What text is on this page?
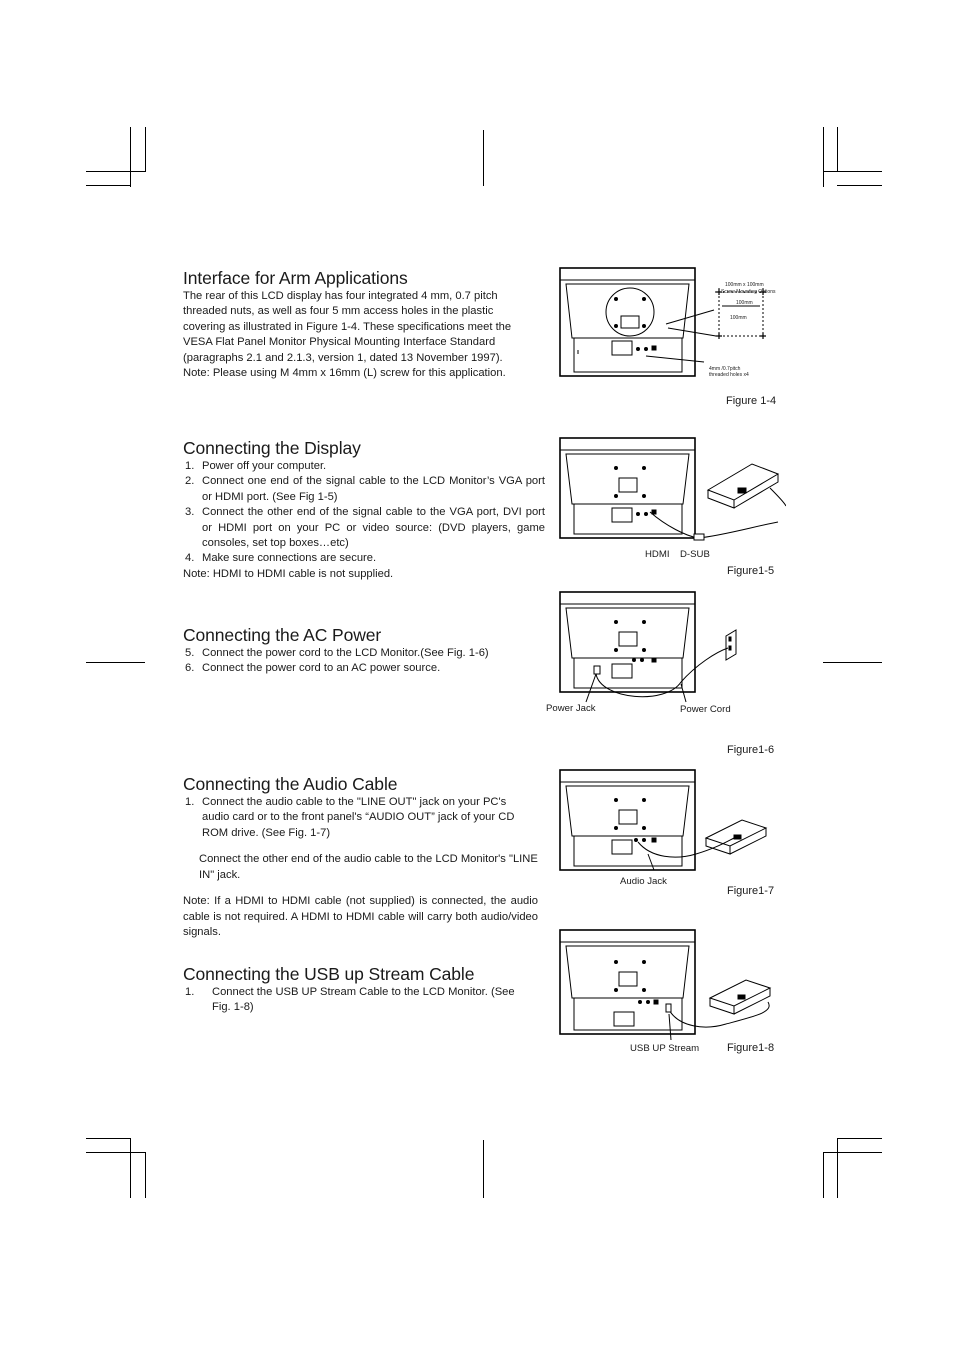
Interface for Arm Applications

The rear of this LCD display has four integrated 4 mm, 0.7 pitch

threaded nuts, as well as four 5 mm access holes in the plastic

covering as illustrated in Figure 1-4. These specifications meet the

VESA Flat Panel Monitor Physical Mounting Interface Standard

(paragraphs 2.1 and 2.1.3, version 1, dated 13 November 1997).

Note: Please using M 4mm x 16mm (L) screw for this application.

Connecting the Display
1. Power off your computer.
2. Connect one end of the signal cable to the LCD Monitor’s VGA port or HDMI port. (See Fig 1-5)
3. Connect the other end of the signal cable to the VGA port, DVI port or HDMI port on your PC or video source: (DVD players, game consoles, set top boxes…etc)
4. Make sure connections are secure.

Note: HDMI to HDMI cable is not supplied.

Connecting the AC Power
5. Connect the power cord to the LCD Monitor.(See Fig. 1-6)
6. Connect the power cord to an AC power source.
Connecting the Audio Cable
1. Connect the audio cable to the "LINE OUT" jack on your PC's audio card or to the front panel's “AUDIO OUT” jack of your CD ROM drive. (See Fig. 1-7)

Connect the other end of the audio cable to the LCD Monitor's "LINE IN" jack.

Note: If a HDMI to HDMI cable (not supplied) is connected, the audio cable is not required. A HDMI to HDMI cable will carry both audio/video signals.

Connecting the USB up Stream Cable
1. Connect the USB UP Stream Cable to the LCD Monitor. (See Fig. 1-8)
100mm x 100mm
Screw Mounting Options
100mm
100mm
4mm /0.7pitch
threaded holes x4
Figure 1-4
HDMI D-SUB
Figure1-5
Power Jack	Power Cord
Figure1-6
Audio Jack
Figure1-7
USB UP Stream	Figure1-8
